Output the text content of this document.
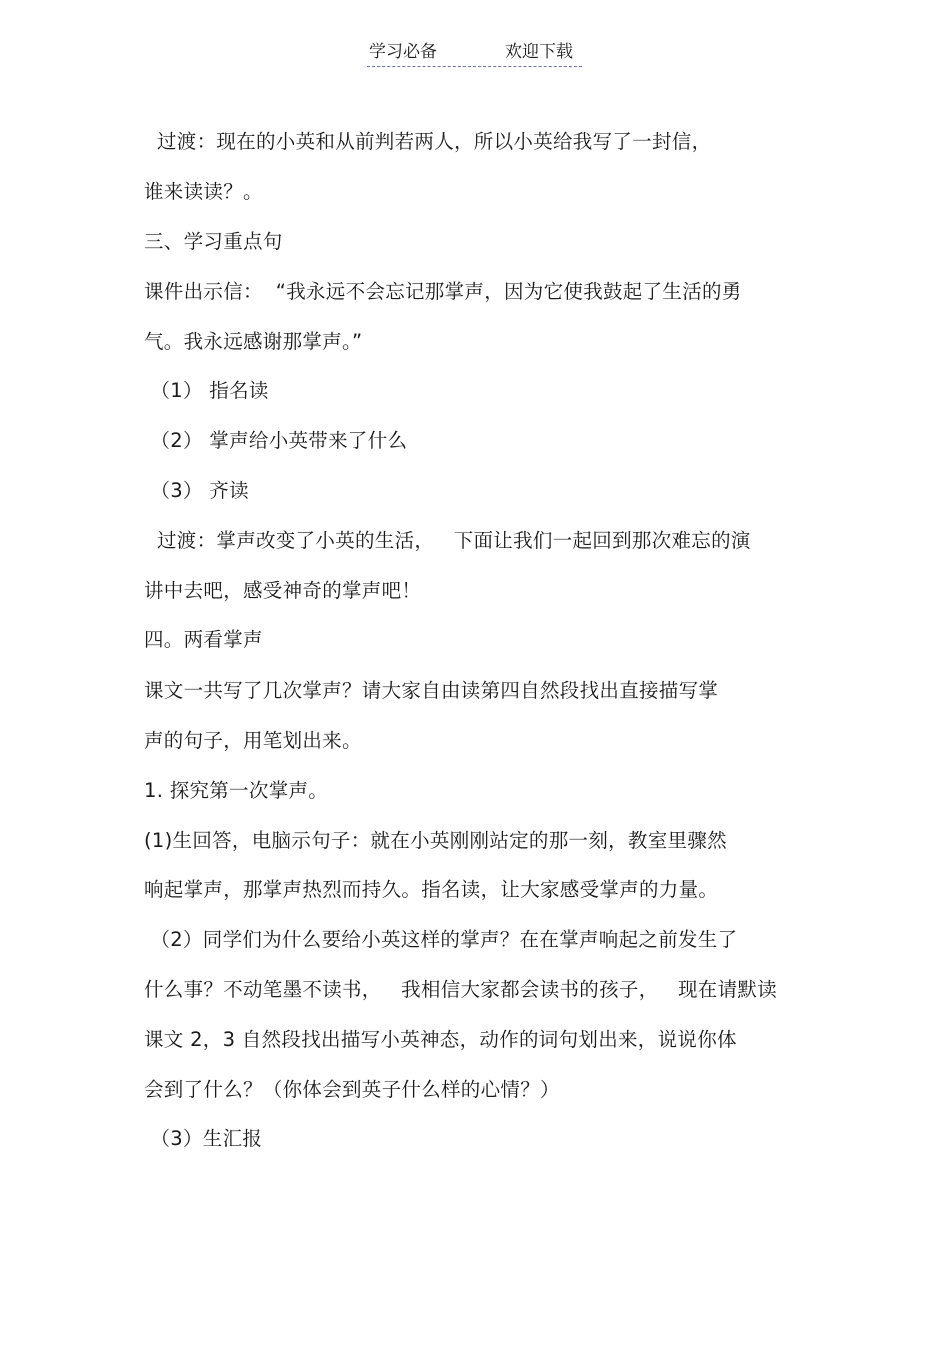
学习必备	欢迎下载
过渡：现在的小英和从前判若两人，所以小英给我写了一封信，
谁来读读？。
三、学习重点句
课件出示信：  “我永远不会忘记那掌声，因为它使我鼓起了生活的勇
气。我永远感谢那掌声。”
（1） 指名读
（2） 掌声给小英带来了什么
（3） 齐读
过渡：掌声改变了小英的生活，   下面让我们一起回到那次难忘的演
讲中去吧，感受神奇的掌声吧！
四。两看掌声
课文一共写了几次掌声？请大家自由读第四自然段找出直接描写掌
声的句子，用笔划出来。
1. 探究第一次掌声。
(1)生回答，电脑示句子：就在小英刚刚站定的那一刻，教室里骤然
响起掌声，那掌声热烈而持久。指名读，让大家感受掌声的力量。
（2）同学们为什么要给小英这样的掌声？在在掌声响起之前发生了
什么事？不动笔墨不读书，   我相信大家都会读书的孩子，   现在请默读
课文 2，3 自然段找出描写小英神态，动作的词句划出来，说说你体
会到了什么？（你体会到英子什么样的心情？）
（3）生汇报
